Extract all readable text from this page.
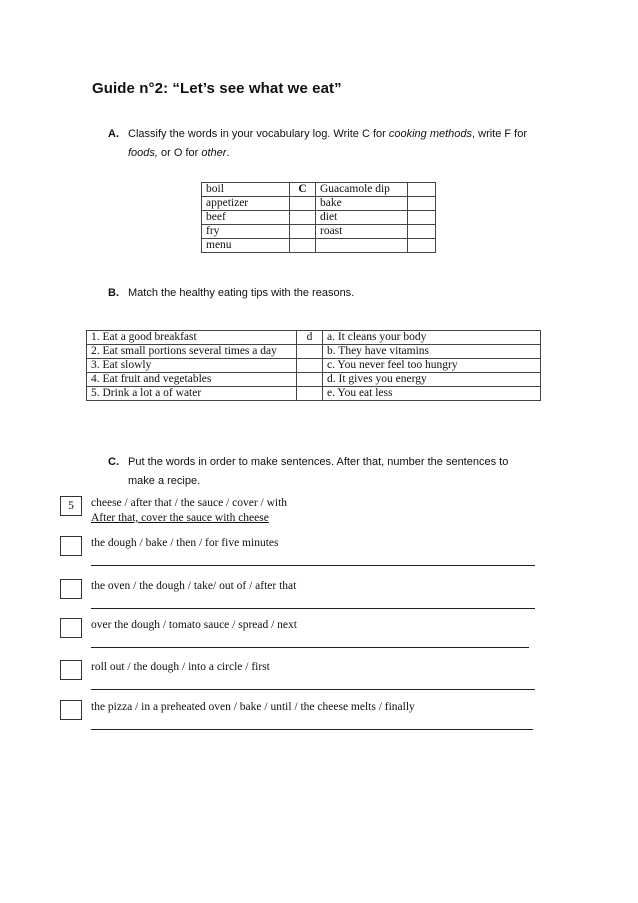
Guide n°2: “Let’s see what we eat”
A. Classify the words in your vocabulary log. Write C for cooking methods, write F for
foods, or O for other.
boil	C	Guacamole dip	
appetizer		bake	
beef		diet	
fry		roast	
menu			
B. Match the healthy eating tips with the reasons.
1. Eat a good breakfast	d	a. It cleans your body
2. Eat small portions several times a day		b. They have vitamins
3. Eat slowly		c. You never feel too hungry
4. Eat fruit and vegetables		d. It gives you energy
5. Drink a lot a of water		e. You eat less
C. Put the words in order to make sentences. After that, number the sentences to
make a recipe.
5	cheese / after that / the sauce / cover / with
After that, cover the sauce with cheese
the dough / bake / then / for five minutes
the oven / the dough / take/ out of / after that
over the dough / tomato sauce / spread / next
roll out / the dough / into a circle / first
the pizza / in a preheated oven / bake / until / the cheese melts / finally
